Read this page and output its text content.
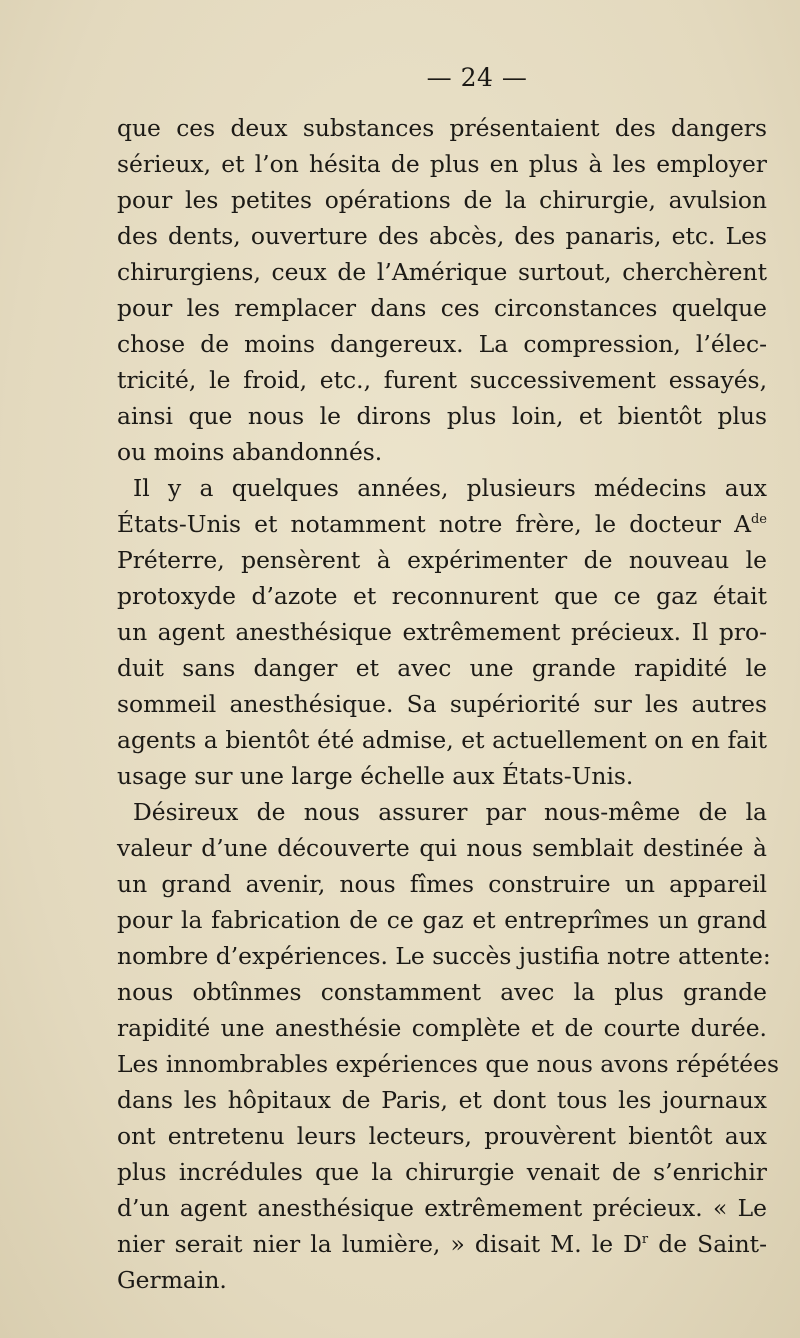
— 24 —
que ces deux substances présentaient des dangers
sérieux, et l’on hésita de plus en plus à les employer
pour les petites opérations de la chirurgie, avulsion
des dents, ouverture des abcès, des panaris, etc. Les
chirurgiens, ceux de l’Amérique surtout, cherchèrent
pour les remplacer dans ces circonstances quelque
chose de moins dangereux. La compression, l’élec-
tricité, le froid, etc., furent successivement essayés,
ainsi que nous le dirons plus loin, et bientôt plus
ou moins abandonnés.
Il y a quelques années, plusieurs médecins aux
États-Unis et notamment notre frère, le docteur $A^{de}$
Préterre, pensèrent à expérimenter de nouveau le
protoxyde d’azote et reconnurent que ce gaz était
un agent anesthésique extrêmement précieux. Il pro-
duit sans danger et avec une grande rapidité le
sommeil anesthésique. Sa supériorité sur les autres
agents a bientôt été admise, et actuellement on en fait
usage sur une large échelle aux États-Unis.
Désireux de nous assurer par nous-même de la
valeur d’une découverte qui nous semblait destinée à
un grand avenir, nous fîmes construire un appareil
pour la fabrication de ce gaz et entreprîmes un grand
nombre d’expériences. Le succès justifia notre attente:
nous obtînmes constamment avec la plus grande
rapidité une anesthésie complète et de courte durée.
Les innombrables expériences que nous avons répétées
dans les hôpitaux de Paris, et dont tous les journaux
ont entretenu leurs lecteurs, prouvèrent bientôt aux
plus incrédules que la chirurgie venait de s’enrichir
d’un agent anesthésique extrêmement précieux. « Le
nier serait nier la lumière, » disait M. le $D^r$ de Saint-
Germain.
